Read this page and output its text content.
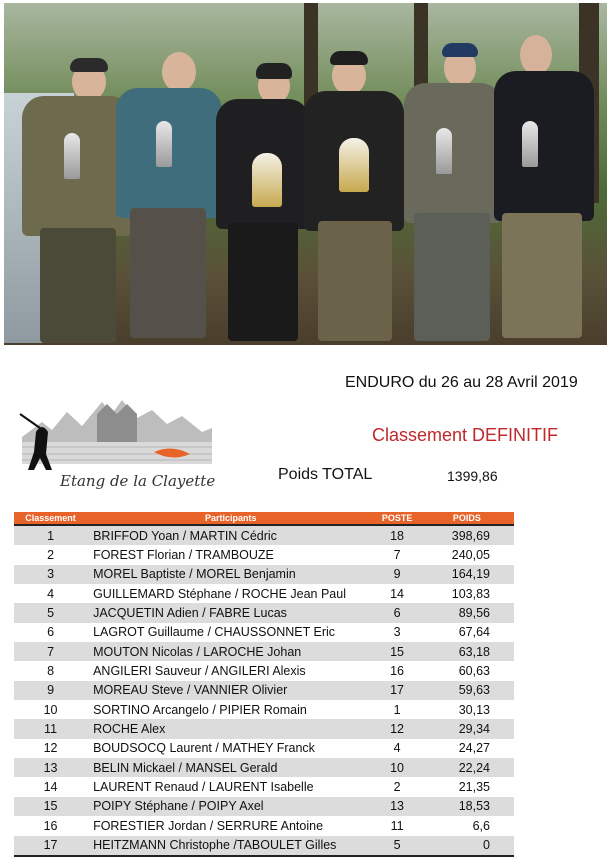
ENDURO du 26 au 28 Avril 2019
Etang de la Clayette
Classement DEFINITIF
Poids TOTAL	1399,86
Classement	Participants	POSTE	POIDS
1	BRIFFOD Yoan / MARTIN Cédric	18	398,69
2	FOREST Florian / TRAMBOUZE	7	240,05
3	MOREL Baptiste / MOREL Benjamin	9	164,19
4	GUILLEMARD Stéphane / ROCHE Jean Paul	14	103,83
5	JACQUETIN Adien / FABRE Lucas	6	89,56
6	LAGROT Guillaume / CHAUSSONNET Eric	3	67,64
7	MOUTON Nicolas / LAROCHE Johan	15	63,18
8	ANGILERI Sauveur / ANGILERI Alexis	16	60,63
9	MOREAU Steve / VANNIER Olivier	17	59,63
10	SORTINO Arcangelo / PIPIER Romain	1	30,13
11	ROCHE Alex	12	29,34
12	BOUDSOCQ Laurent / MATHEY Franck	4	24,27
13	BELIN Mickael / MANSEL Gerald	10	22,24
14	LAURENT Renaud / LAURENT Isabelle	2	21,35
15	POIPY Stéphane / POIPY Axel	13	18,53
16	FORESTIER Jordan / SERRURE Antoine	11	6,6
17	HEITZMANN Christophe /TABOULET Gilles	5	0
